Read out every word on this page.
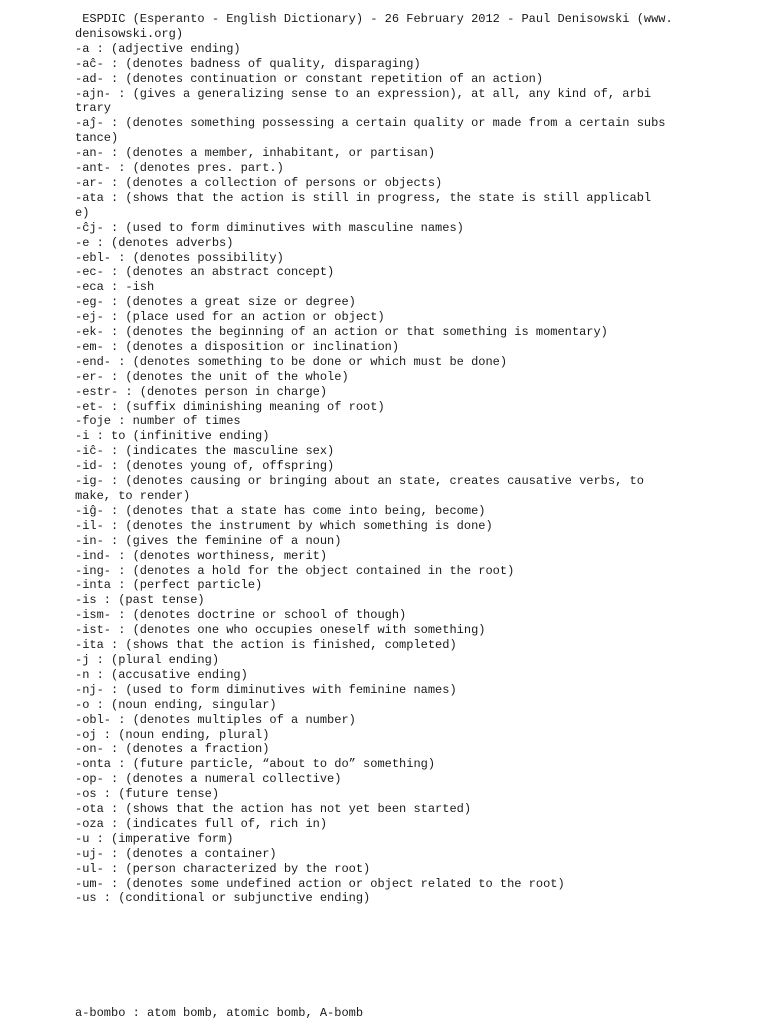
ESPDIC (Esperanto - English Dictionary) - 26 February 2012 - Paul Denisowski (www.
denisowski.org)
-a : (adjective ending)
-aĉ- : (denotes badness of quality, disparaging)
-ad- : (denotes continuation or constant repetition of an action)
-ajn- : (gives a generalizing sense to an expression), at all, any kind of, arbi
trary
-aĵ- : (denotes something possessing a certain quality or made from a certain subs
tance)
-an- : (denotes a member, inhabitant, or partisan)
-ant- : (denotes pres. part.)
-ar- : (denotes a collection of persons or objects)
-ata : (shows that the action is still in progress, the state is still applicabl
e)
-ĉj- : (used to form diminutives with masculine names)
-e : (denotes adverbs)
-ebl- : (denotes possibility)
-ec- : (denotes an abstract concept)
-eca : -ish
-eg- : (denotes a great size or degree)
-ej- : (place used for an action or object)
-ek- : (denotes the beginning of an action or that something is momentary)
-em- : (denotes a disposition or inclination)
-end- : (denotes something to be done or which must be done)
-er- : (denotes the unit of the whole)
-estr- : (denotes person in charge)
-et- : (suffix diminishing meaning of root)
-foje : number of times
-i : to (infinitive ending)
-iĉ- : (indicates the masculine sex)
-id- : (denotes young of, offspring)
-ig- : (denotes causing or bringing about an state, creates causative verbs, to
make, to render)
-iĝ- : (denotes that a state has come into being, become)
-il- : (denotes the instrument by which something is done)
-in- : (gives the feminine of a noun)
-ind- : (denotes worthiness, merit)
-ing- : (denotes a hold for the object contained in the root)
-inta : (perfect particle)
-is : (past tense)
-ism- : (denotes doctrine or school of though)
-ist- : (denotes one who occupies oneself with something)
-ita : (shows that the action is finished, completed)
-j : (plural ending)
-n : (accusative ending)
-nj- : (used to form diminutives with feminine names)
-o : (noun ending, singular)
-obl- : (denotes multiples of a number)
-oj : (noun ending, plural)
-on- : (denotes a fraction)
-onta : (future particle, “about to do” something)
-op- : (denotes a numeral collective)
-os : (future tense)
-ota : (shows that the action has not yet been started)
-oza : (indicates full of, rich in)
-u : (imperative form)
-uj- : (denotes a container)
-ul- : (person characterized by the root)
-um- : (denotes some undefined action or object related to the root)
-us : (conditional or subjunctive ending)
a-bombo : atom bomb, atomic bomb, A-bomb
